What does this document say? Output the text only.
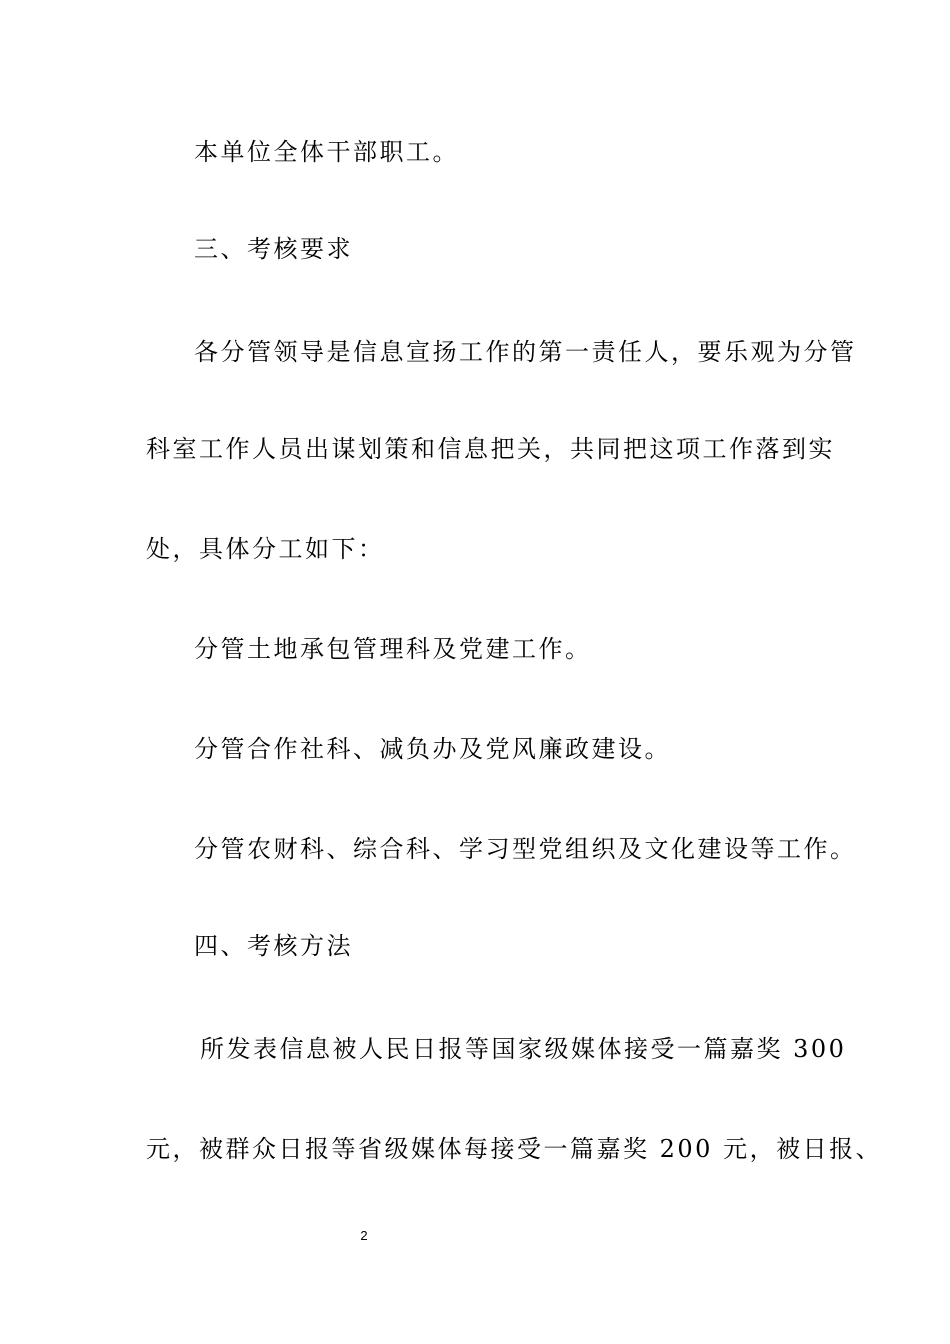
本单位全体干部职工。
三、考核要求
各分管领导是信息宣扬工作的第一责任人，要乐观为分管
科室工作人员出谋划策和信息把关，共同把这项工作落到实
处，具体分工如下：
分管土地承包管理科及党建工作。
分管合作社科、减负办及党风廉政建设。
分管农财科、综合科、学习型党组织及文化建设等工作。
四、考核方法
所发表信息被人民日报等国家级媒体接受一篇嘉奖 300
元，被群众日报等省级媒体每接受一篇嘉奖 200 元，被日报、
2
